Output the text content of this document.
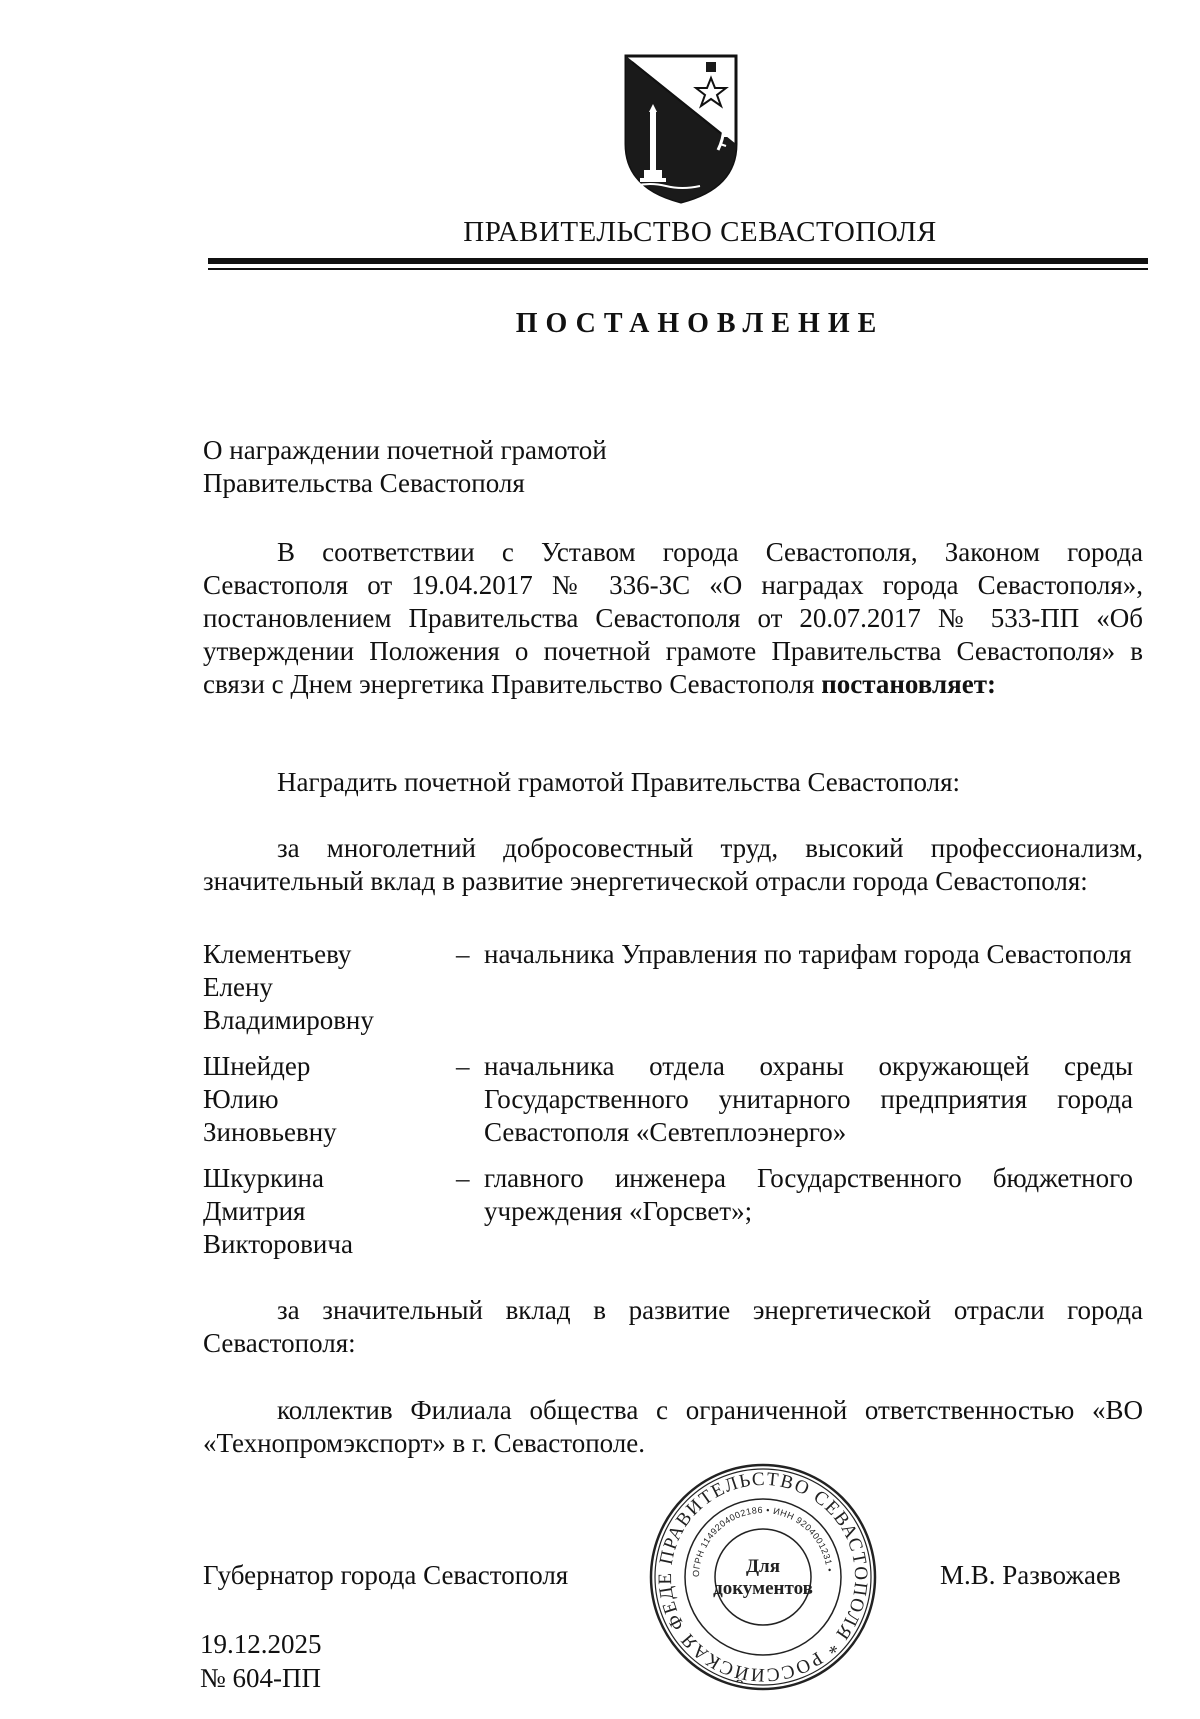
ПРАВИТЕЛЬСТВО СЕВАСТОПОЛЯ
ПОСТАНОВЛЕНИЕ
О награждении почетной грамотой
Правительства Севастополя
В соответствии с Уставом города Севастополя, Законом города Севастополя от 19.04.2017 № 336-ЗС «О наградах города Севастополя», постановлением Правительства Севастополя от 20.07.2017 № 533-ПП «Об утверждении Положения о почетной грамоте Правительства Севастополя» в связи с Днем энергетика Правительство Севастополя постановляет:
Наградить почетной грамотой Правительства Севастополя:
за многолетний добросовестный труд, высокий профессионализм, значительный вклад в развитие энергетической отрасли города Севастополя:
Клементьеву
Елену
Владимировну
– начальника Управления по тарифам города Севастополя
Шнейдер
Юлию
Зиновьевну
– начальника отдела охраны окружающей среды Государственного унитарного предприятия города Севастополя «Севтеплоэнерго»
Шкуркина
Дмитрия
Викторовича
– главного инженера Государственного бюджетного учреждения «Горсвет»;
за значительный вклад в развитие энергетической отрасли города Севастополя:
коллектив Филиала общества с ограниченной ответственностью «ВО «Технопромэкспорт» в г. Севастополе.
ПРАВИТЕЛЬСТВО СЕВАСТОПОЛЯ * РОССИЙСКАЯ ФЕДЕ	ОГРН 1149204002186 • ИНН 9204001231 •
Для
документов
Губернатор города Севастополя	М.В. Развожаев
19.12.2025
№ 604-ПП
